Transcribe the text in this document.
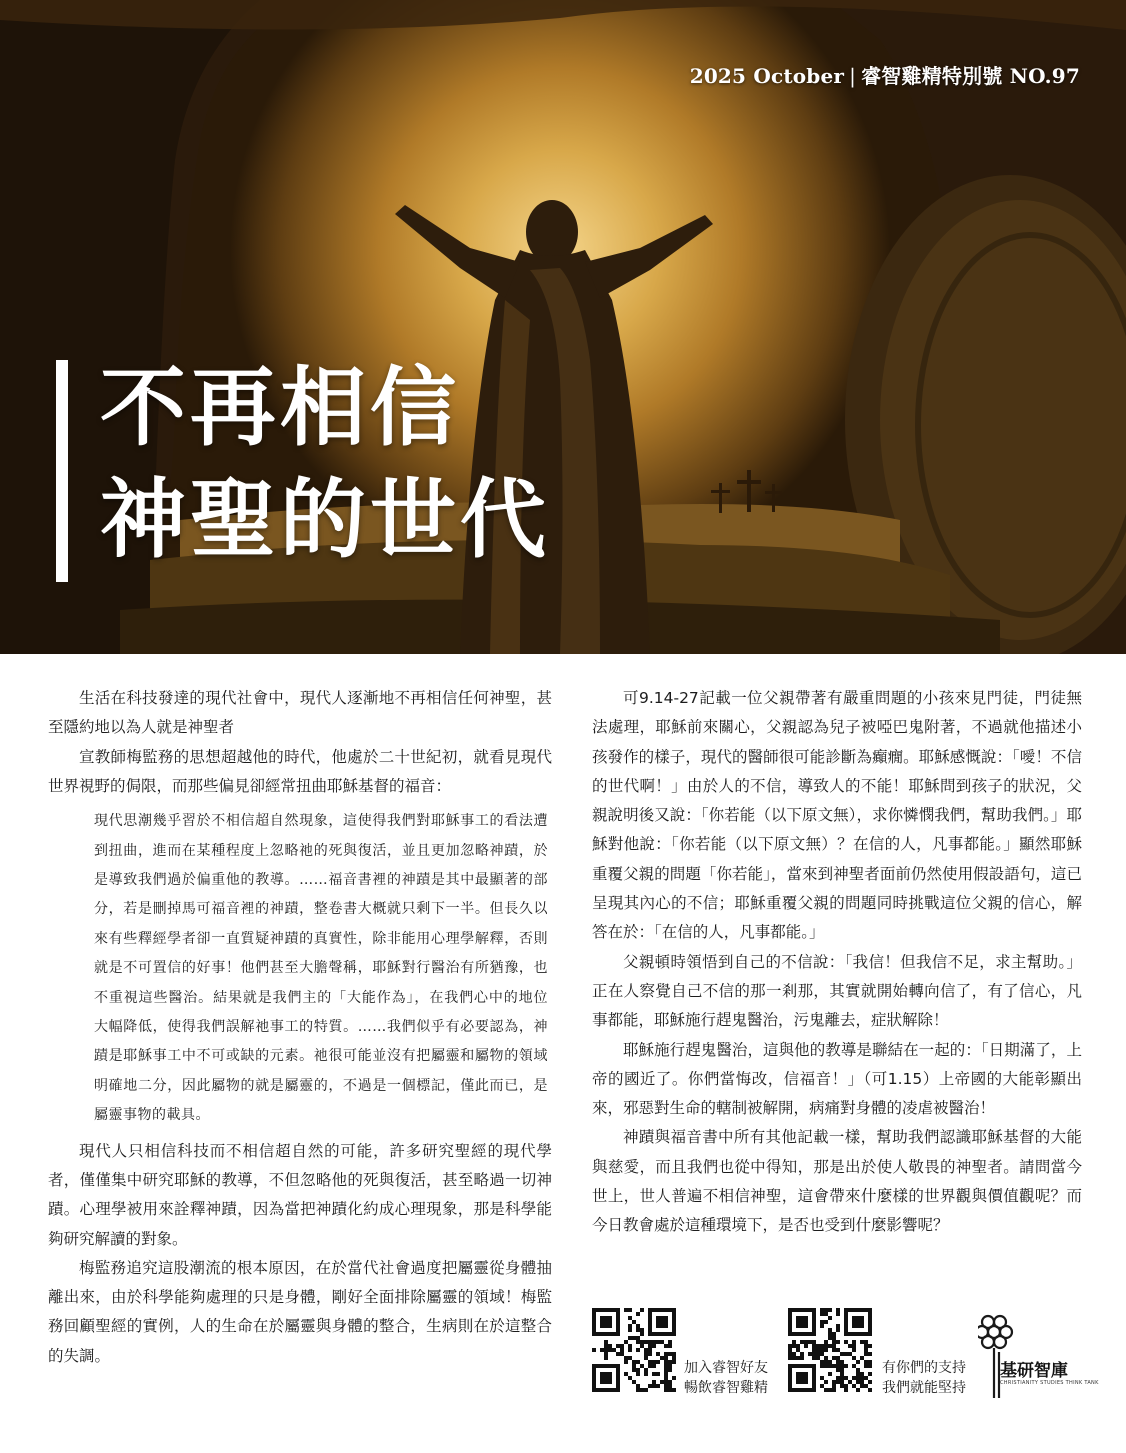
2025 October | 睿智雞精特別號 NO.97
不再相信
神聖的世代

生活在科技發達的現代社會中，現代人逐漸地不再相信任何神聖，甚至隱約地以為人就是神聖者

宣教師梅監務的思想超越他的時代，他處於二十世紀初，就看見現代世界視野的侷限，而那些偏見卻經常扭曲耶穌基督的福音：

現代思潮幾乎習於不相信超自然現象，這使得我們對耶穌事工的看法遭到扭曲，進而在某種程度上忽略祂的死與復活，並且更加忽略神蹟，於是導致我們過於偏重他的教導。……福音書裡的神蹟是其中最顯著的部分，若是刪掉馬可福音裡的神蹟，整卷書大概就只剩下一半。但長久以來有些釋經學者卻一直質疑神蹟的真實性，除非能用心理學解釋，否則就是不可置信的好事！他們甚至大膽聲稱，耶穌對行醫治有所猶豫，也不重視這些醫治。結果就是我們主的「大能作為」，在我們心中的地位大幅降低，使得我們誤解祂事工的特質。……我們似乎有必要認為，神蹟是耶穌事工中不可或缺的元素。祂很可能並沒有把屬靈和屬物的領域明確地二分，因此屬物的就是屬靈的，不過是一個標記，僅此而已，是屬靈事物的載具。

現代人只相信科技而不相信超自然的可能，許多研究聖經的現代學者，僅僅集中研究耶穌的教導，不但忽略他的死與復活，甚至略過一切神蹟。心理學被用來詮釋神蹟，因為當把神蹟化約成心理現象，那是科學能夠研究解讀的對象。

梅監務追究這股潮流的根本原因，在於當代社會過度把屬靈從身體抽離出來，由於科學能夠處理的只是身體，剛好全面排除屬靈的領域！梅監務回顧聖經的實例，人的生命在於屬靈與身體的整合，生病則在於這整合的失調。

可9.14-27記載一位父親帶著有嚴重問題的小孩來見門徒，門徒無法處理，耶穌前來關心，父親認為兒子被啞巴鬼附著，不過就他描述小孩發作的樣子，現代的醫師很可能診斷為癲癇。耶穌感慨說：「噯！不信的世代啊！」由於人的不信，導致人的不能！耶穌問到孩子的狀況，父親說明後又說：「你若能（以下原文無），求你憐憫我們，幫助我們。」耶穌對他說：「你若能（以下原文無）？在信的人，凡事都能。」顯然耶穌重覆父親的問題「你若能」，當來到神聖者面前仍然使用假設語句，這已呈現其內心的不信；耶穌重覆父親的問題同時挑戰這位父親的信心，解答在於：「在信的人，凡事都能。」

父親頓時領悟到自己的不信說：「我信！但我信不足，求主幫助。」正在人察覺自己不信的那一剎那，其實就開始轉向信了，有了信心，凡事都能，耶穌施行趕鬼醫治，污鬼離去，症狀解除！

耶穌施行趕鬼醫治，這與他的教導是聯結在一起的：「日期滿了，上帝的國近了。你們當悔改，信福音！」（可1.15）上帝國的大能彰顯出來，邪惡對生命的轄制被解開，病痛對身體的凌虐被醫治！

神蹟與福音書中所有其他記載一樣，幫助我們認識耶穌基督的大能與慈愛，而且我們也從中得知，那是出於使人敬畏的神聖者。請問當今世上，世人普遍不相信神聖，這會帶來什麼樣的世界觀與價值觀呢？而今日教會處於這種環境下，是否也受到什麼影響呢？

加入睿智好友
暢飲睿智雞精
有你們的支持
我們就能堅持
基研智庫
CHRISTIANITY STUDIES THINK TANK
